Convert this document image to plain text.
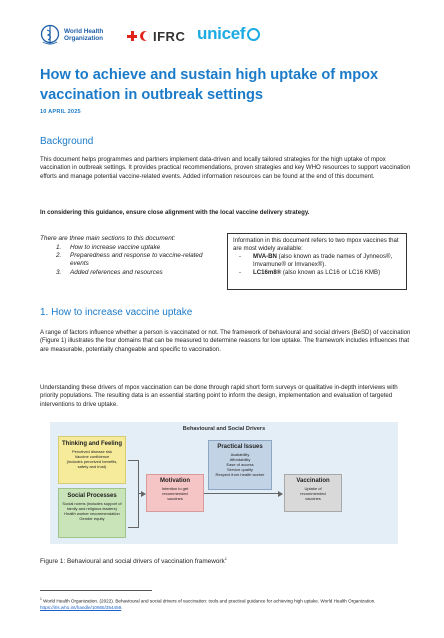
World Health
Organization	IFRC unicef
How to achieve and sustain high uptake of mpox vaccination in outbreak settings
10 APRIL 2025
Background
This document helps programmes and partners implement data-driven and locally tailored strategies for the high uptake of mpox vaccination in outbreak settings. It provides practical recommendations, proven strategies and key WHO resources to support vaccination efforts and manage potential vaccine-related events. Added information resources can be found at the end of this document.
In considering this guidance, ensure close alignment with the local vaccine delivery strategy.
There are three main sections to this document:
1.	How to increase vaccine uptake
2.	Preparedness and response to vaccine-related events
3.	Added references and resources
Information in this document refers to two mpox vaccines that are most widely available:
-	MVA-BN (also known as trade names of Jynneos®, Imvamune® or Imvanex®).
-	LC16m8® (also known as LC16 or LC16 KMB)
1. How to increase vaccine uptake
A range of factors influence whether a person is vaccinated or not. The framework of behavioural and social drivers (BeSD) of vaccination (Figure 1) illustrates the four domains that can be measured to determine reasons for low uptake. The framework includes influences that are measurable, potentially changeable and specific to vaccination.
Understanding these drivers of mpox vaccination can be done through rapid short form surveys or qualitative in-depth interviews with priority populations. The resulting data is an essential starting point to inform the design, implementation and evaluation of targeted interventions to drive uptake.
Behavioural and Social Drivers
Thinking and Feeling
Perceived disease risk
Vaccine confidence
(includes perceived benefits,
safety and trust)
Social Processes
Social norms (includes support of
family and religious leaders)
Health worker recommendation
Gender equity
Motivation
Intention to get
recommended
vaccines
Practical Issues
Availability
Affordability
Ease of access
Service quality
Respect from health worker
Vaccination
Uptake of
recommended
vaccines
Figure 1: Behavioural and social drivers of vaccination framework$^1$
$^1$ World Health Organization. (2022). Behavioural and social drivers of vaccination: tools and practical guidance for achieving high uptake. World Health Organization. https://iris.who.int/handle/10665/354459.
